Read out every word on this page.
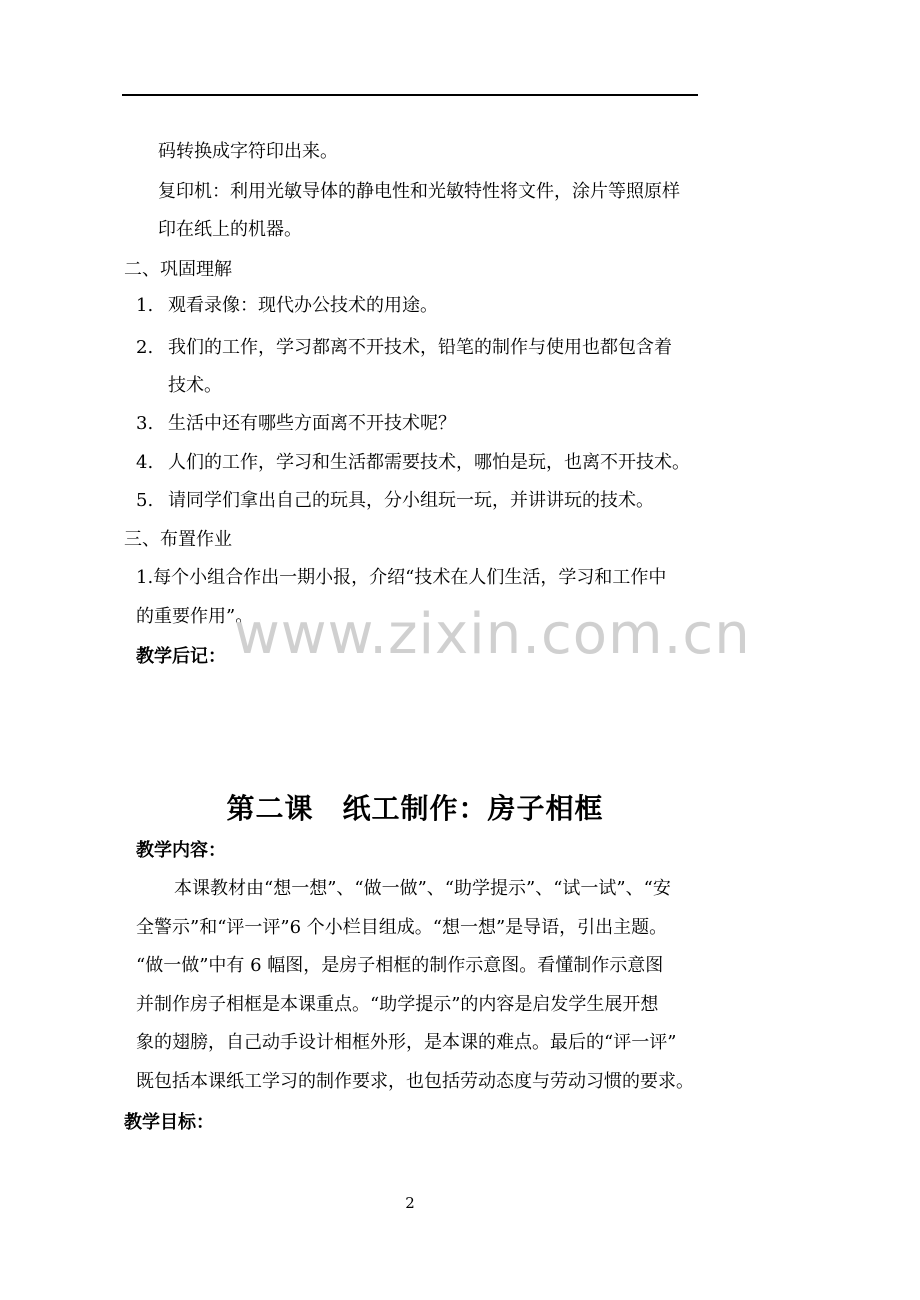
码转换成字符印出来。
复印机：利用光敏导体的静电性和光敏特性将文件，涂片等照原样
印在纸上的机器。
二、巩固理解
1. 观看录像：现代办公技术的用途。
2. 我们的工作，学习都离不开技术，铅笔的制作与使用也都包含着
技术。
3. 生活中还有哪些方面离不开技术呢？
4. 人们的工作，学习和生活都需要技术，哪怕是玩，也离不开技术。
5. 请同学们拿出自己的玩具，分小组玩一玩，并讲讲玩的技术。
三、布置作业
1.每个小组合作出一期小报，介绍“技术在人们生活，学习和工作中
的重要作用”。
www.zixin.com.cn
教学后记：
第二课　纸工制作：房子相框
教学内容：
本课教材由“想一想”、“做一做”、“助学提示”、“试一试”、“安
全警示”和“评一评”6 个小栏目组成。“想一想”是导语，引出主题。
“做一做”中有 6 幅图，是房子相框的制作示意图。看懂制作示意图
并制作房子相框是本课重点。“助学提示”的内容是启发学生展开想
象的翅膀，自己动手设计相框外形，是本课的难点。最后的“评一评”
既包括本课纸工学习的制作要求，也包括劳动态度与劳动习惯的要求。
教学目标：
2
